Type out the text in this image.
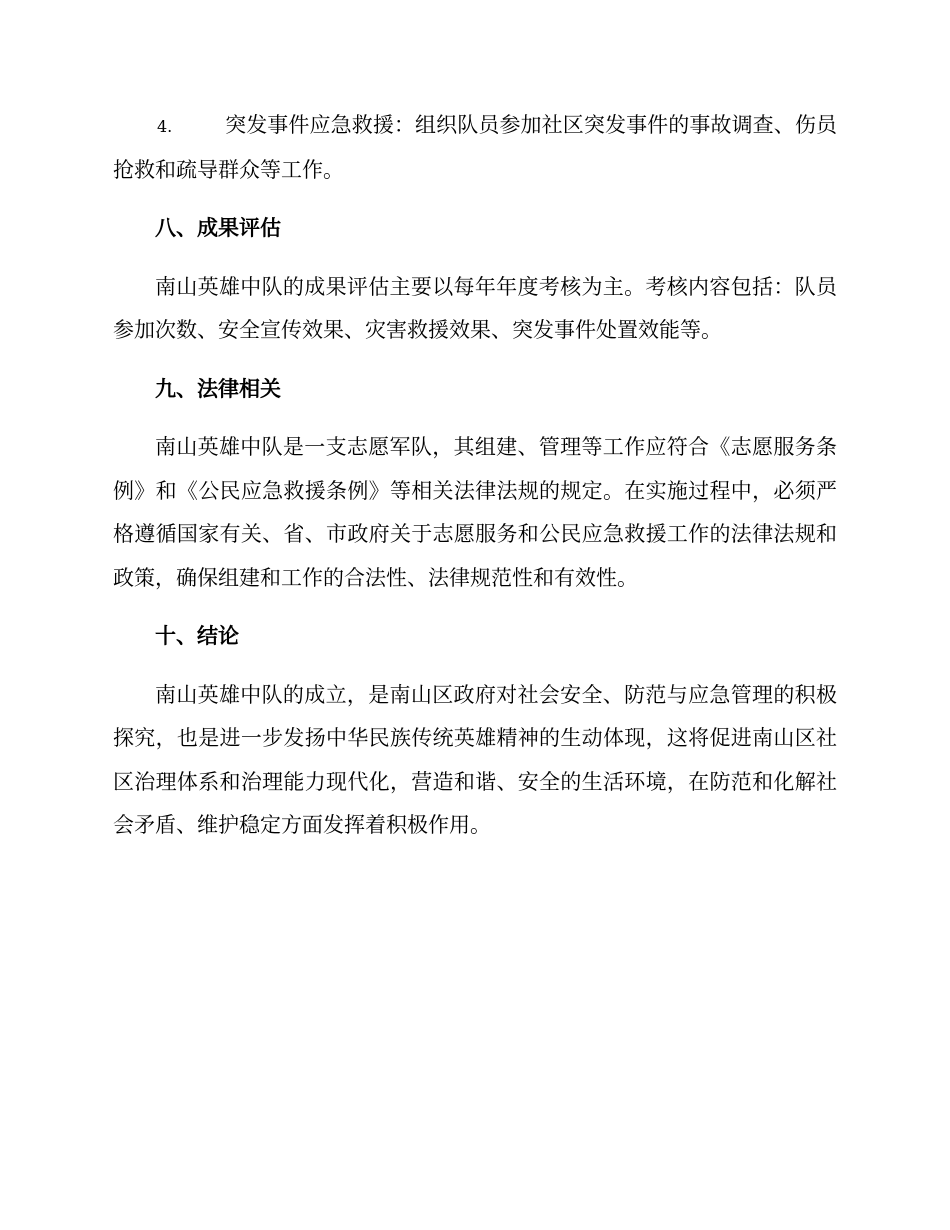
4.	突发事件应急救援：组织队员参加社区突发事件的事故调查、伤员抢救和疏导群众等工作。

八、成果评估

南山英雄中队的成果评估主要以每年年度考核为主。考核内容包括：队员参加次数、安全宣传效果、灾害救援效果、突发事件处置效能等。

九、法律相关

南山英雄中队是一支志愿军队，其组建、管理等工作应符合《志愿服务条例》和《公民应急救援条例》等相关法律法规的规定。在实施过程中，必须严格遵循国家有关、省、市政府关于志愿服务和公民应急救援工作的法律法规和政策，确保组建和工作的合法性、法律规范性和有效性。

十、结论

南山英雄中队的成立，是南山区政府对社会安全、防范与应急管理的积极探究，也是进一步发扬中华民族传统英雄精神的生动体现，这将促进南山区社区治理体系和治理能力现代化，营造和谐、安全的生活环境，在防范和化解社会矛盾、维护稳定方面发挥着积极作用。
